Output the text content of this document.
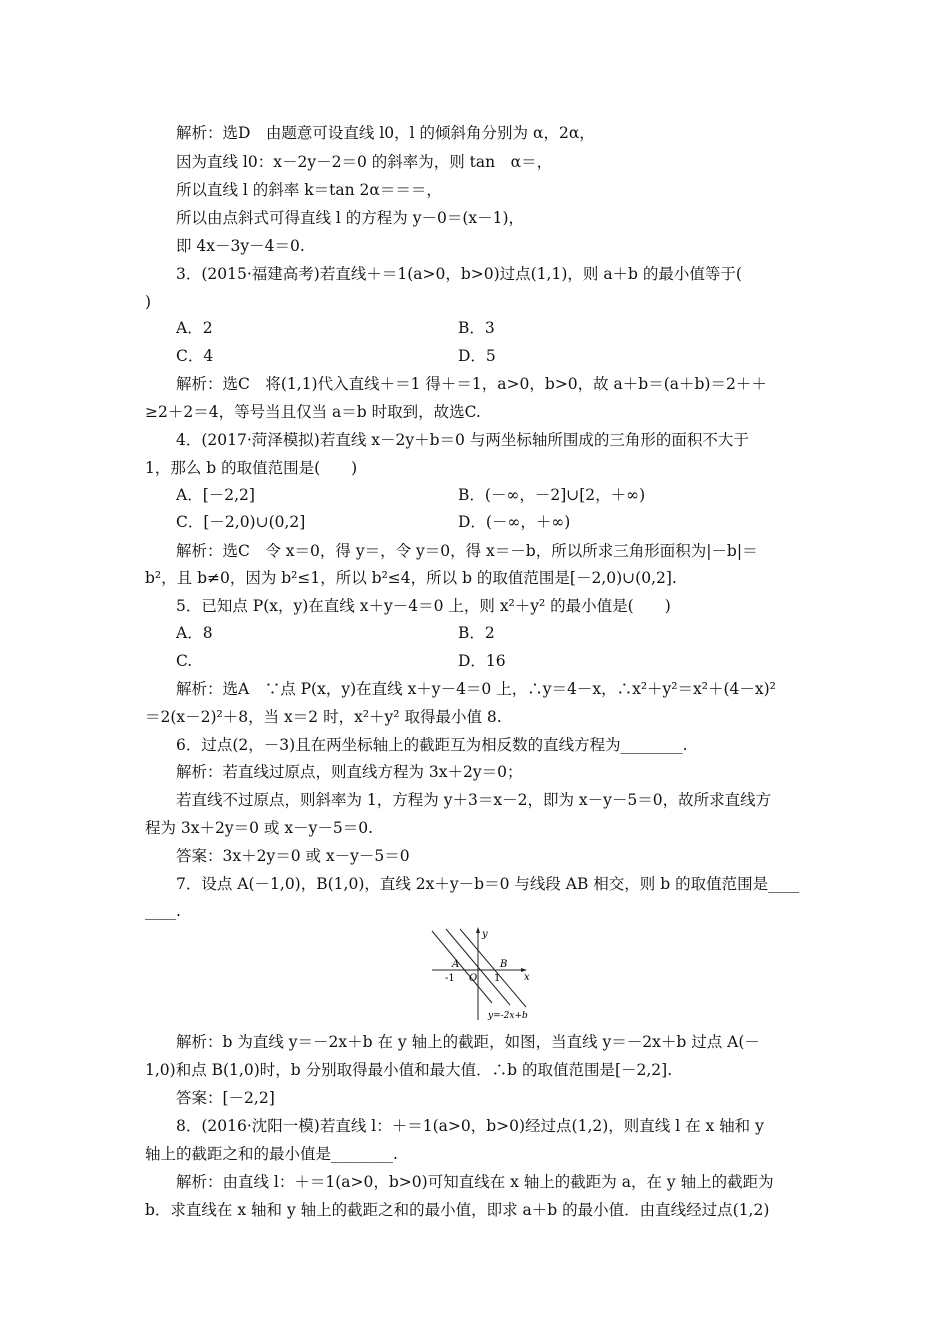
解析：选D　由题意可设直线 l0，l 的倾斜角分别为 α，2α，
因为直线 l0：x－2y－2＝0 的斜率为，则 tan　α＝，
所以直线 l 的斜率 k＝tan 2α＝＝＝，
所以由点斜式可得直线 l 的方程为 y－0＝(x－1)，
即 4x－3y－4＝0.
3．(2015·福建高考)若直线＋＝1(a>0，b>0)过点(1,1)，则 a＋b 的最小值等于(
)
A．2	B．3
C．4	D．5
解析：选C　将(1,1)代入直线＋＝1 得＋＝1，a>0，b>0，故 a＋b＝(a＋b)＝2＋＋
≥2＋2＝4，等号当且仅当 a＝b 时取到，故选C.
4．(2017·菏泽模拟)若直线 x－2y＋b＝0 与两坐标轴所围成的三角形的面积不大于
1，那么 b 的取值范围是(　　)
A．[－2,2]	B．(－∞，－2]∪[2，＋∞)
C．[－2,0)∪(0,2]	D．(－∞，＋∞)
解析：选C　令 x＝0，得 y＝，令 y＝0，得 x＝－b，所以所求三角形面积为|－b|＝
b²，且 b≠0，因为 b²≤1，所以 b²≤4，所以 b 的取值范围是[－2,0)∪(0,2].
5．已知点 P(x，y)在直线 x＋y－4＝0 上，则 x²＋y² 的最小值是(　　)
A．8	B．2
C.	D．16
解析：选A　∵点 P(x，y)在直线 x＋y－4＝0 上，∴y＝4－x，∴x²＋y²＝x²＋(4－x)²
＝2(x－2)²＋8，当 x＝2 时，x²＋y² 取得最小值 8.
6．过点(2，－3)且在两坐标轴上的截距互为相反数的直线方程为________.
解析：若直线过原点，则直线方程为 3x＋2y＝0；
若直线不过原点，则斜率为 1，方程为 y＋3＝x－2，即为 x－y－5＝0，故所求直线方
程为 3x＋2y＝0 或 x－y－5＝0.
答案：3x＋2y＝0 或 x－y－5＝0
7．设点 A(－1,0)，B(1,0)，直线 2x＋y－b＝0 与线段 AB 相交，则 b 的取值范围是____
____.
y
x
A	B
O
-1	1
y=-2x+b
解析：b 为直线 y＝－2x＋b 在 y 轴上的截距，如图，当直线 y＝－2x＋b 过点 A(－
1,0)和点 B(1,0)时，b 分别取得最小值和最大值．∴b 的取值范围是[－2,2].
答案：[－2,2]
8．(2016·沈阳一模)若直线 l：＋＝1(a>0，b>0)经过点(1,2)，则直线 l 在 x 轴和 y
轴上的截距之和的最小值是________.
解析：由直线 l：＋＝1(a>0，b>0)可知直线在 x 轴上的截距为 a，在 y 轴上的截距为
b．求直线在 x 轴和 y 轴上的截距之和的最小值，即求 a＋b 的最小值．由直线经过点(1,2)
